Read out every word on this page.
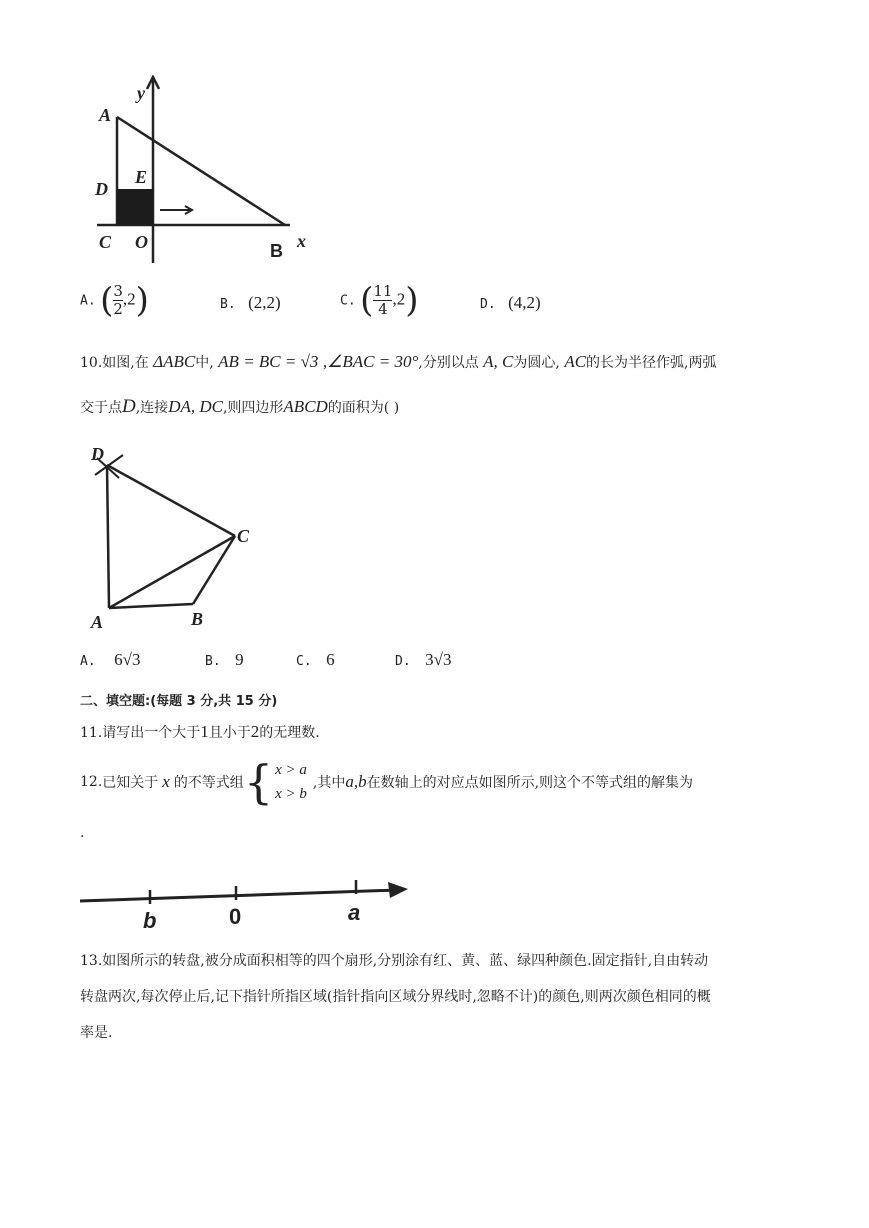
A
y
D
E
C O	B x
A. ( $\frac{3}{2} ,2$)	B. (2,2)	C. ( $\frac{11}{4} ,2$)	D. (4,2)
10.如图,在 ΔABC中, AB = BC = √3 ,∠BAC = 30°,分别以点 A, C为圆心, AC的长为半径作弧,两弧
交于点D,连接DA, DC,则四边形ABCD的面积为( )
D
C
A	B
A. 6√3	B. 9	C. 6	D. 3√3
二、填空题:(每题 3 分,共 15 分)
11.请写出一个大于1且小于2的无理数.
12. 已知关于 x 的不等式组 { x > a
x > b
,其中 a,b 在数轴上的对应点如图所示,则这个不等式组的解集为
.
b	0	a
13.如图所示的转盘,被分成面积相等的四个扇形,分别涂有红、黄、蓝、绿四种颜色.固定指针,自由转动
转盘两次,每次停止后,记下指针所指区域(指针指向区域分界线时,忽略不计)的颜色,则两次颜色相同的概
率是.
